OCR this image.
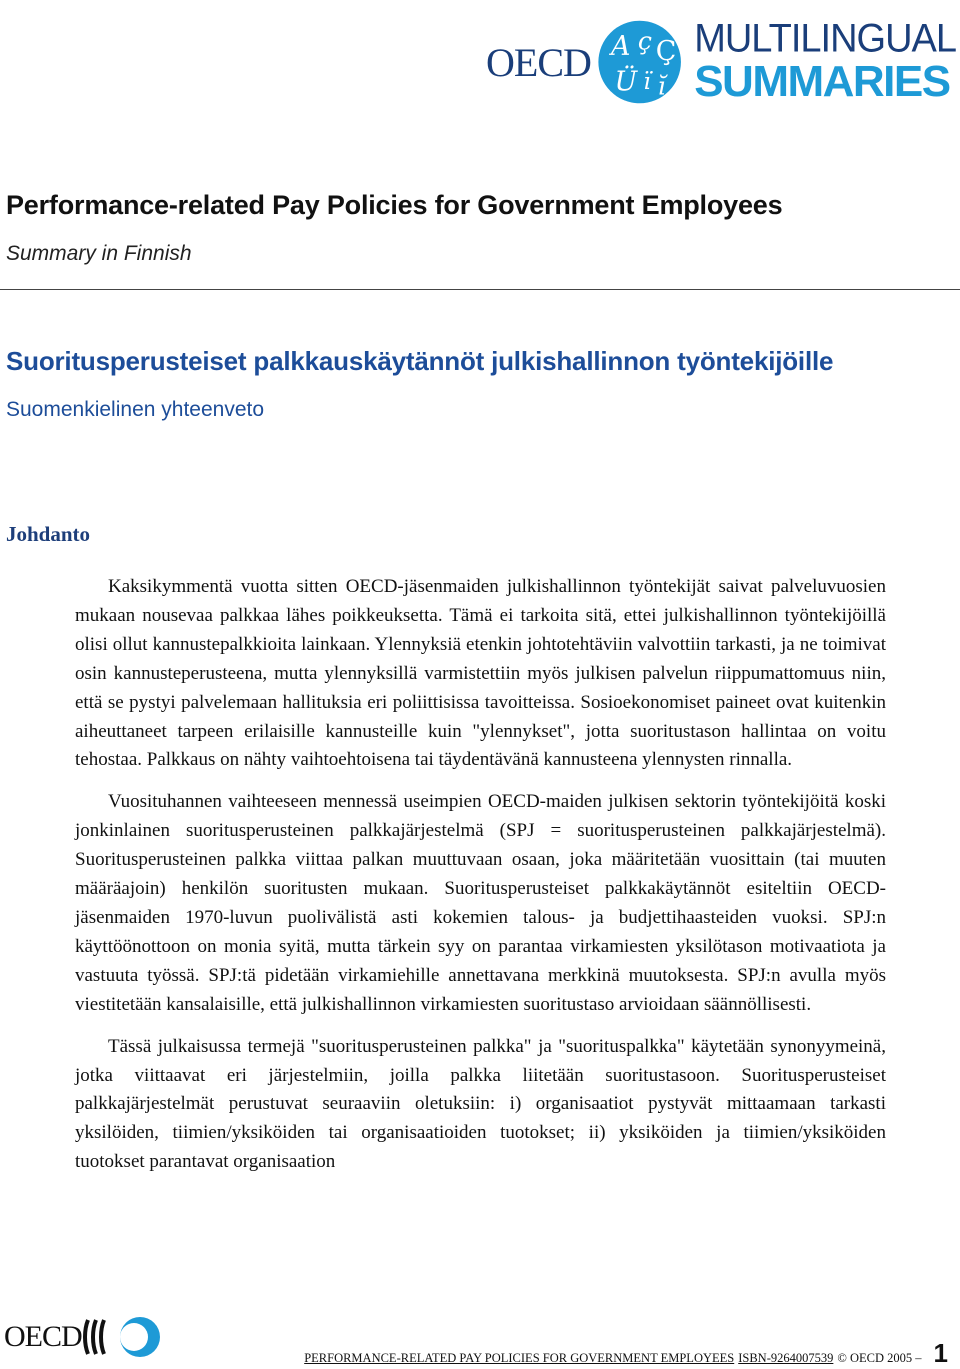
OECD A ç Ç
Ü ï ĭ
MULTILINGUAL
SUMMARIES
Performance-related Pay Policies for Government Employees
Summary in Finnish
Suoritusperusteiset palkkauskäytännöt julkishallinnon työntekijöille
Suomenkielinen yhteenveto
Johdanto

Kaksikymmentä vuotta sitten OECD-jäsenmaiden julkishallinnon työntekijät saivat palveluvuosien mukaan nousevaa palkkaa lähes poikkeuksetta. Tämä ei tarkoita sitä, ettei julkishallinnon työntekijöillä olisi ollut kannustepalkkioita lainkaan. Ylennyksiä etenkin johtotehtäviin valvottiin tarkasti, ja ne toimivat osin kannusteperusteena, mutta ylennyksillä varmistettiin myös julkisen palvelun riippumattomuus niin, että se pystyi palvelemaan hallituksia eri poliittisissa tavoitteissa. Sosioekonomiset paineet ovat kuitenkin aiheuttaneet tarpeen erilaisille kannusteille kuin "ylennykset", jotta suoritustason hallintaa on voitu tehostaa. Palkkaus on nähty vaihtoehtoisena tai täydentävänä kannusteena ylennysten rinnalla.

Vuosituhannen vaihteeseen mennessä useimpien OECD-maiden julkisen sektorin työntekijöitä koski jonkinlainen suoritusperusteinen palkkajärjestelmä (SPJ = suoritusperusteinen palkkajärjestelmä). Suoritusperusteinen palkka viittaa palkan muuttuvaan osaan, joka määritetään vuosittain (tai muuten määräajoin) henkilön suoritusten mukaan. Suoritusperusteiset palkkakäytännöt esiteltiin OECD-jäsenmaiden 1970-luvun puolivälistä asti kokemien talous- ja budjettihaasteiden vuoksi. SPJ:n käyttöönottoon on monia syitä, mutta tärkein syy on parantaa virkamiesten yksilötason motivaatiota ja vastuuta työssä. SPJ:tä pidetään virkamiehille annettavana merkkinä muutoksesta. SPJ:n avulla myös viestitetään kansalaisille, että julkishallinnon virkamiesten suoritustaso arvioidaan säännöllisesti.

Tässä julkaisussa termejä "suoritusperusteinen palkka" ja "suorituspalkka" käytetään synonyymeinä, jotka viittaavat eri järjestelmiin, joilla palkka liitetään suoritustasoon. Suoritusperusteiset palkkajärjestelmät perustuvat seuraaviin oletuksiin: i) organisaatiot pystyvät mittaamaan tarkasti yksilöiden, tiimien/yksiköiden tai organisaatioiden tuotokset; ii) yksiköiden ja tiimien/yksiköiden tuotokset parantavat organisaation

OECD
PERFORMANCE-RELATED PAY POLICIES FOR GOVERNMENT EMPLOYEES ISBN-9264007539 © OECD 2005 – 1
